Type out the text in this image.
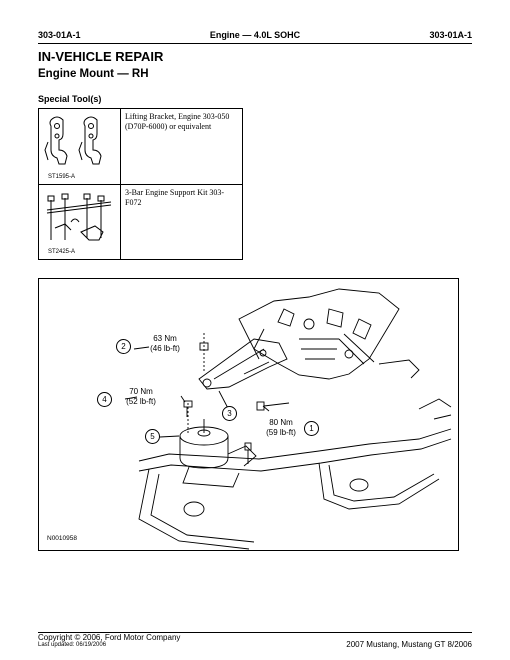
303-01A-1	Engine — 4.0L SOHC	303-01A-1
IN-VEHICLE REPAIR
Engine Mount — RH
Special Tool(s)
ST1595-A	Lifting Bracket, Engine 303-050 (D70P-6000) or equivalent

ST2425-A	3-Bar Engine Support Kit 303-F072
2
63 Nm
(46 lb-ft)
4
70 Nm
(52 lb-ft)
3
1
80 Nm
(59 lb-ft)
5
N0010958
Copyright © 2006, Ford Motor Company
Last updated: 06/19/2006	2007 Mustang, Mustang GT 8/2006
